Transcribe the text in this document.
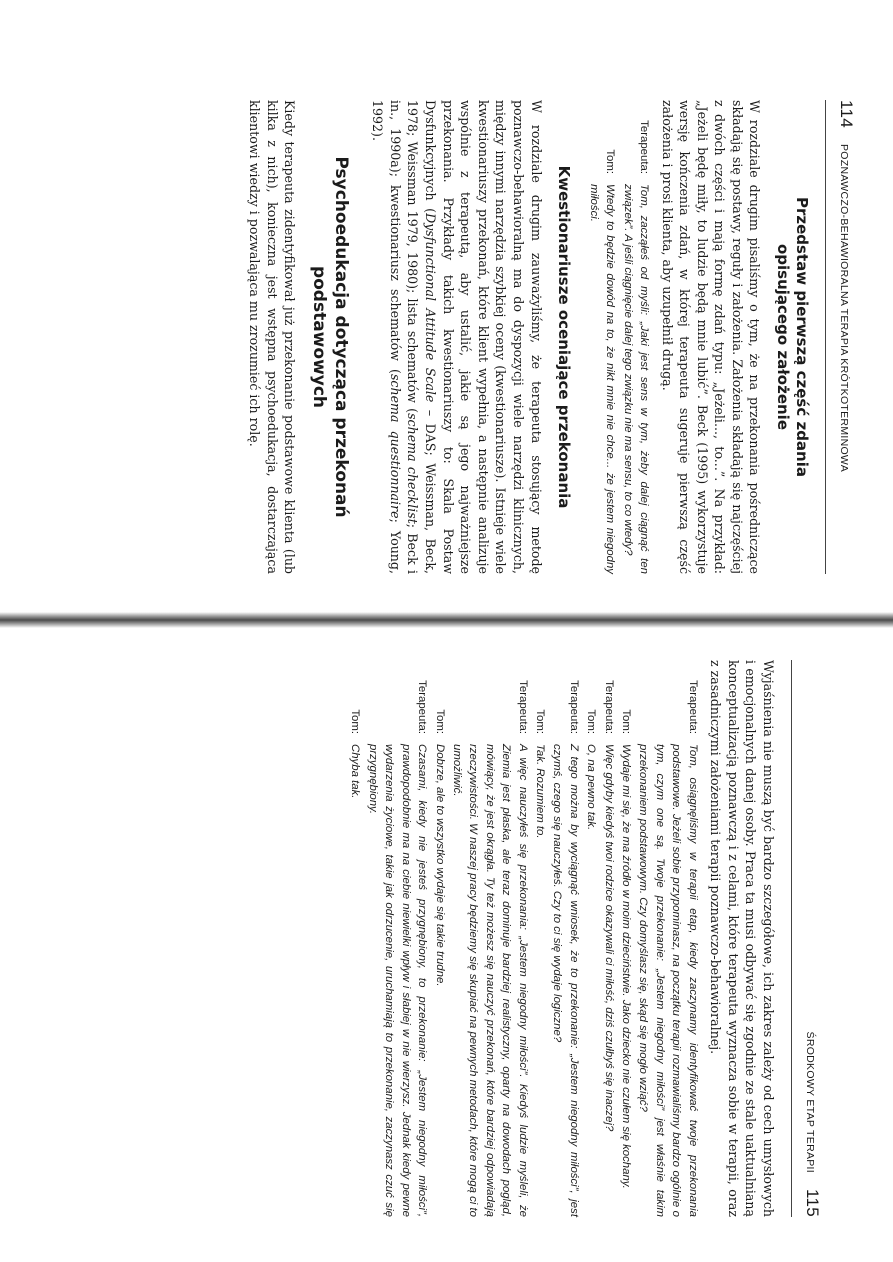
114
POZNAWCZO-BEHAWIORALNA TERAPIA KRÓTKOTERMINOWA
Przedstaw pierwszą część zdania
opisującego założenie

W rozdziale drugim pisaliśmy o tym, że na przekonania pośredniczące składają się postawy, reguły i założenia. Założenia składają się najczęściej z dwóch części i mają formę zdań typu: „Jeżeli..., to...”. Na przykład: „Jeżeli będę miły, to ludzie będą mnie lubić”. Beck (1995) wykorzystuje wersję kończenia zdań, w której terapeuta sugeruje pierwszą część założenia i prosi klienta, aby uzupełnił drugą.

Terapeuta:
Tom, zacząłeś od myśli: „Jaki jest sens w tym, żeby dalej ciągnąć ten związek”. A jeśli ciągnięcie dalej tego związku nie ma sensu, to co wtedy?
Tom:
Wtedy to będzie dowód na to, że nikt mnie nie chce... że jestem niegodny miłości.
Kwestionariusze oceniające przekonania

W rozdziale drugim zauważyliśmy, że terapeuta stosujący metodę poznawczo-behawioralną ma do dyspozycji wiele narzędzi klinicznych, między innymi narzędzia szybkiej oceny (kwestionariusze). Istnieje wiele kwestionariuszy przekonań, które klient wypełnia, a następnie analizuje wspólnie z terapeutą, aby ustalić, jakie są jego najważniejsze przekonania. Przykłady takich kwestionariuszy to: Skala Postaw Dysfunkcyjnych (Dysfunctional Attitude Scale – DAS; Weissman, Beck, 1978; Weissman 1979, 1980); lista schematów (schema checklist; Beck i in., 1990a); kwestionariusz schematów (schema questionnaire; Young, 1992).

Psychoedukacja dotycząca przekonań
podstawowych

Kiedy terapeuta zidentyfikował już przekonanie podstawowe klienta (lub kilka z nich), konieczna jest wstępna psychoedukacja, dostarczająca klientowi wiedzy i pozwalająca mu zrozumieć ich rolę.

ŚRODKOWY ETAP TERAPII
115

Wyjaśnienia nie muszą być bardzo szczegółowe, ich zakres zależy od cech umysłowych i emocjonalnych danej osoby. Praca ta musi odbywać się zgodnie ze stale uaktualnianą konceptualizacją poznawczą i z celami, które terapeuta wyznacza sobie w terapii, oraz z zasadniczymi założeniami terapii poznawczo-behawioralnej.

Terapeuta:
Tom, osiągnęliśmy w terapii etap, kiedy zaczynamy identyfikować twoje przekonania podstawowe. Jeżeli sobie przypominasz, na początku terapii rozmawialiśmy bardzo ogólnie o tym, czym one są. Twoje przekonanie: „Jestem niegodny miłości” jest właśnie takim przekonaniem podstawowym. Czy domyślasz się, skąd się mogło wziąć?
Tom:
Wydaje mi się, że ma źródło w moim dzieciństwie. Jako dziecko nie czułem się kochany.
Terapeuta:
Więc gdyby kiedyś twoi rodzice okazywali ci miłość, dziś czułbyś się inaczej?
Tom:
O, na pewno tak.
Terapeuta:
Z tego można by wyciągnąć wniosek, że to przekonanie: „Jestem niegodny miłości”, jest czymś, czego się nauczyłeś. Czy to ci się wydaje logiczne?
Tom:
Tak. Rozumiem to.
Terapeuta:
A więc nauczyłeś się przekonania: „Jestem niegodny miłości”. Kiedyś ludzie myśleli, że Ziemia jest płaska, ale teraz dominuje bardziej realistyczny, oparty na dowodach pogląd, mówiący, że jest okrągła. Ty też możesz się nauczyć przekonań, które bardziej odpowiadają rzeczywistości. W naszej pracy będziemy się skupiać na pewnych metodach, które mogą ci to umożliwić.
Tom:
Dobrze, ale to wszystko wydaje się takie trudne.
Terapeuta:
Czasami, kiedy nie jesteś przygnębiony, to przekonanie: „Jestem niegodny miłości”, prawdopodobnie ma na ciebie niewielki wpływ i słabiej w nie wierzysz. Jednak kiedy pewne wydarzenia życiowe, takie jak odrzucenie, uruchamiają to przekonanie, zaczynasz czuć się przygnębiony.
Tom:
Chyba tak.
